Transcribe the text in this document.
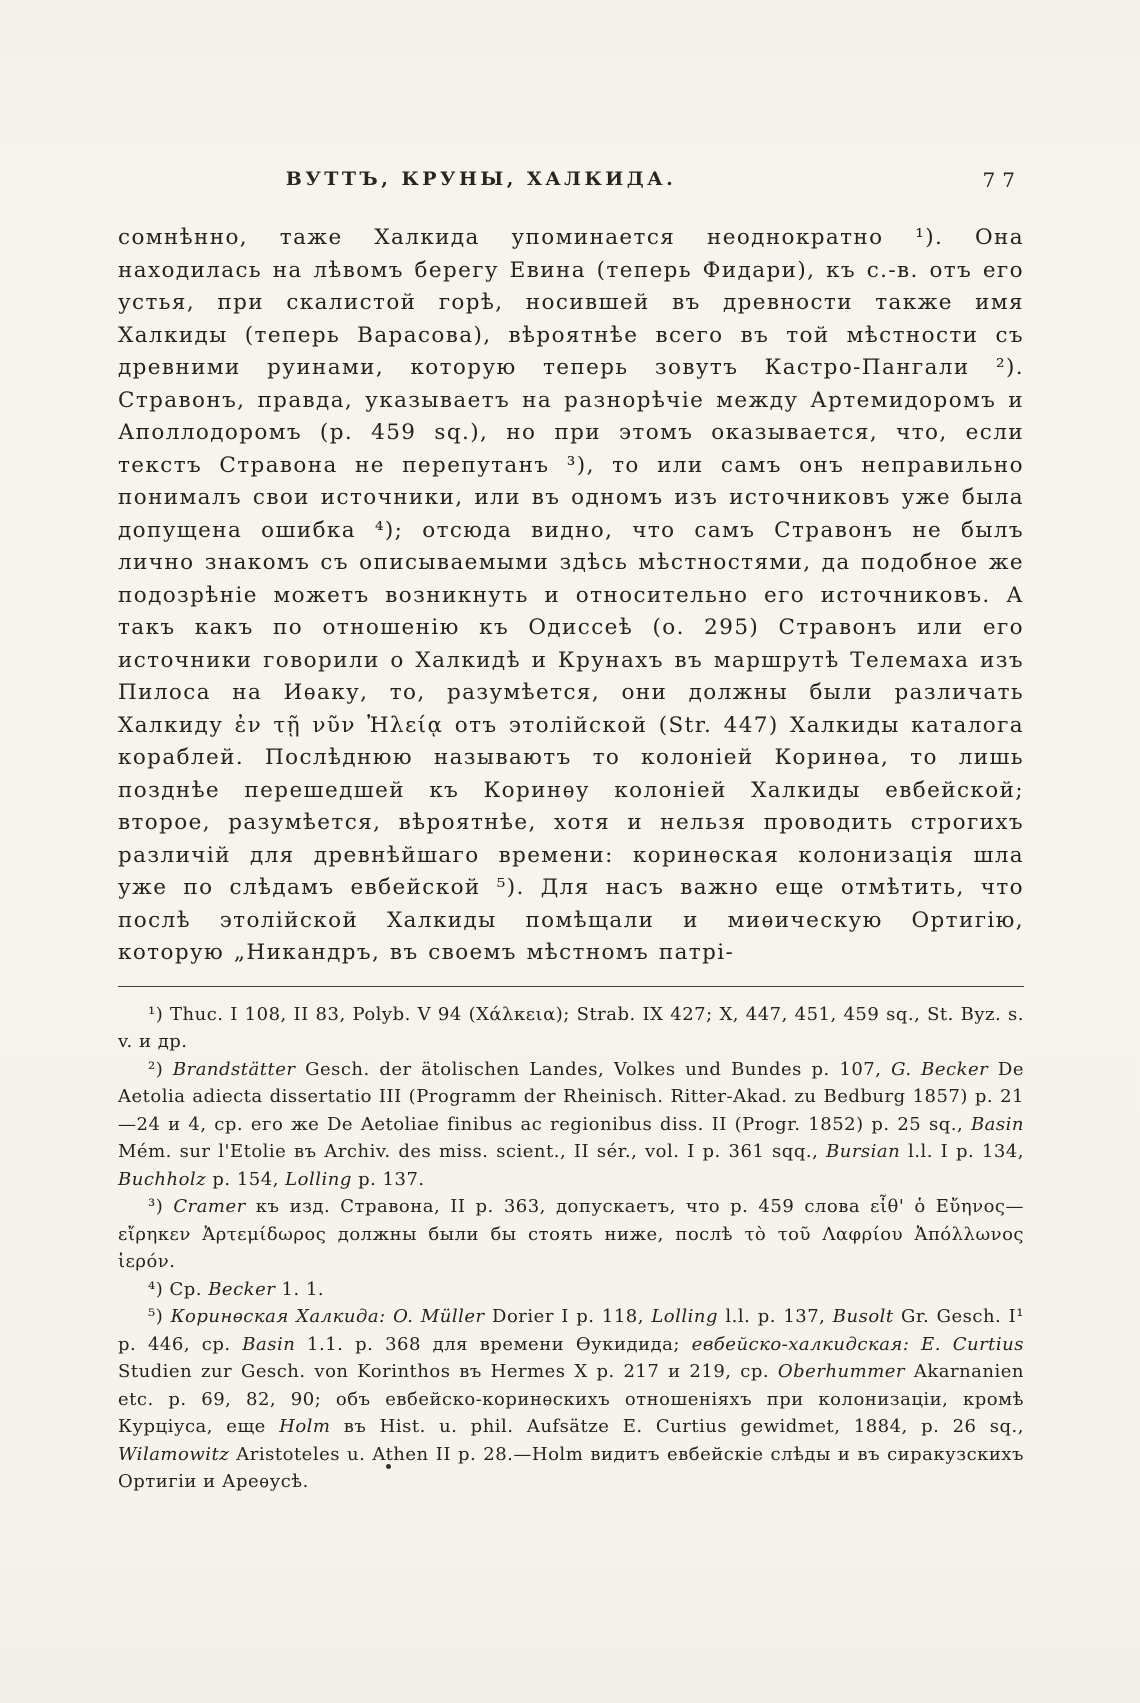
ВУТТЪ, КРУНЫ, ХАЛКИДА.	77

сомнѣнно, таже Халкида упоминается неоднократно ¹). Она находилась на лѣвомъ берегу Евина (теперь Фидари), къ с.-в. отъ его устья, при скалистой горѣ, носившей въ древности также имя Халкиды (теперь Варасова), вѣроятнѣе всего въ той мѣстности съ древними руинами, которую теперь зовутъ Кастро-Пангали ²). Стравонъ, правда, указываетъ на разнорѣчіе между Артемидоромъ и Аполлодоромъ (р. 459 sq.), но при этомъ оказывается, что, если текстъ Стравона не перепутанъ ³), то или самъ онъ неправильно понималъ свои источники, или въ одномъ изъ источниковъ уже была допущена ошибка ⁴); отсюда видно, что самъ Стравонъ не былъ лично знакомъ съ описываемыми здѣсь мѣстностями, да подобное же подозрѣніе можетъ возникнуть и относительно его источниковъ. А такъ какъ по отношенію къ Одиссеѣ (о. 295) Стравонъ или его источники говорили о Халкидѣ и Крунахъ въ маршрутѣ Телемаха изъ Пилоса на Иѳаку, то, разумѣется, они должны были различать Халкиду ἐν τῇ νῦν Ἠλείᾳ отъ этолійской (Str. 447) Халкиды каталога кораблей. Послѣднюю называютъ то колоніей Коринѳа, то лишь позднѣе перешедшей къ Коринѳу колоніей Халкиды евбейской; второе, разумѣется, вѣроятнѣе, хотя и нельзя проводить строгихъ различій для древнѣйшаго времени: коринѳская колонизація шла уже по слѣдамъ евбейской ⁵). Для насъ важно еще отмѣтить, что послѣ этолійской Халкиды помѣщали и миѳическую Ортигію, которую „Никандръ, въ своемъ мѣстномъ патрі-

¹) Thuc. I 108, II 83, Polyb. V 94 (Χάλκεια); Strab. IX 427; X, 447, 451, 459 sq., St. Byz. s. v. и др.

²) Brandstätter Gesch. der ätolischen Landes, Volkes und Bundes p. 107, G. Becker De Aetolia adiecta dissertatio III (Programm der Rheinisch. Ritter-Akad. zu Bedburg 1857) p. 21—24 и 4, ср. его же De Aetoliae finibus ac regionibus diss. II (Progr. 1852) p. 25 sq., Basin Mém. sur l'Etolie въ Archiv. des miss. scient., II sér., vol. I p. 361 sqq., Bursian l.l. I p. 134, Buchholz p. 154, Lolling p. 137.

³) Cramer къ изд. Стравона, II p. 363, допускаетъ, что p. 459 слова εἶθ' ὁ Εὔηνος—εἴρηκεν Ἀρτεμίδωρος должны были бы стоять ниже, послѣ τὸ τοῦ Λαφρίου Ἀπόλλωνος ἱερόν.

⁴) Ср. Becker 1. 1.

⁵) Коринѳская Халкида: O. Müller Dorier I p. 118, Lolling l.l. p. 137, Busolt Gr. Gesch. I¹ p. 446, ср. Basin 1.1. p. 368 для времени Ѳукидида; евбейско-халкидская: E. Curtius Studien zur Gesch. von Korinthos въ Hermes X p. 217 и 219, ср. Oberhummer Akarnanien etc. p. 69, 82, 90; объ евбейско-коринѳскихъ отношеніяхъ при колонизаціи, кромѣ Курціуса, еще Holm въ Hist. u. phil. Aufsätze E. Curtius gewidmet, 1884, p. 26 sq., Wilamowitz Aristoteles u. Athen II p. 28.—Holm видитъ евбейскіе слѣды и въ сиракузскихъ Ортигіи и Ареѳусѣ.
